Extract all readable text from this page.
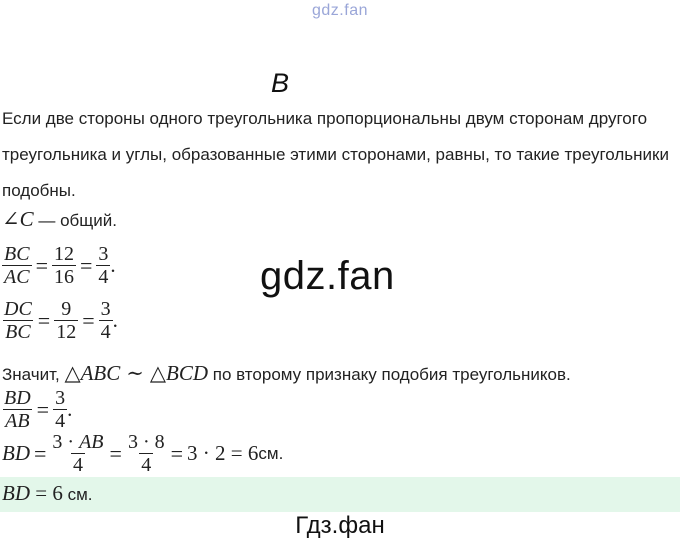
gdz.fan
В
Если две стороны одного треугольника пропорциональны двум сторонам другого треугольника и углы, образованные этими сторонами, равны, то такие треугольники подобны.
∠C — общий.
$\frac{BC}{AC} = \frac{12}{16} = \frac{3}{4}$ .
$\frac{DC}{BC} = \frac{9}{12} = \frac{3}{4}$ .
gdz.fan
Значит, △ABC ∼ △BCD по второму признаку подобия треугольников.
$\frac{BD}{AB} = \frac{3}{4}$ .
BD = $\frac{3 \cdot AB}{4} = \frac{3 \cdot 8}{4} = 3 \cdot 2 = 6$ см.
BD = 6 см.
Гдз.фан
